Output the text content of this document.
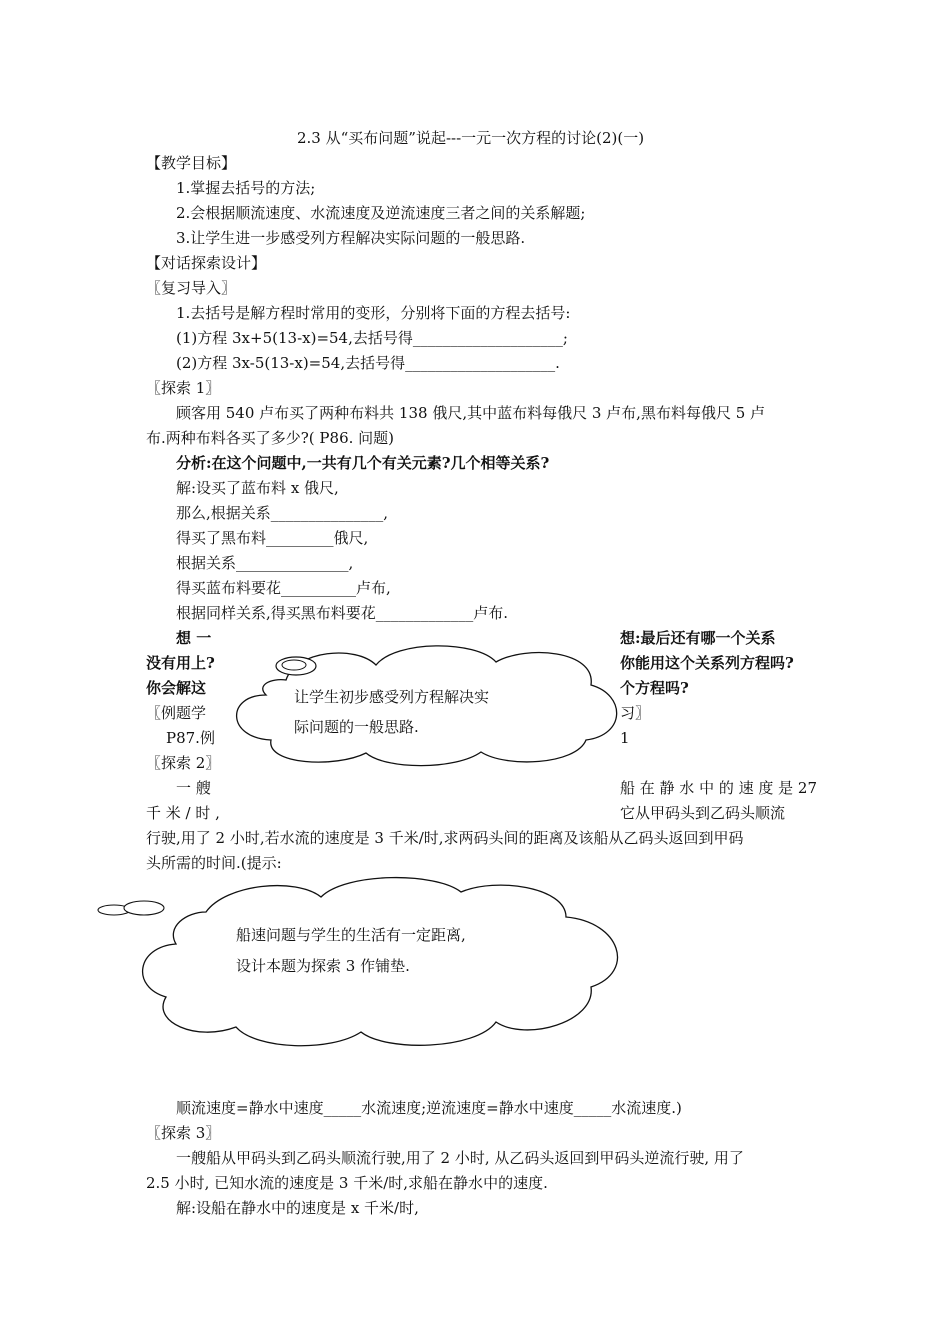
2.3 从“买布问题”说起---一元一次方程的讨论(2)(一)
【教学目标】
1.掌握去括号的方法;
2.会根据顺流速度、水流速度及逆流速度三者之间的关系解题;
3.让学生进一步感受列方程解决实际问题的一般思路.
【对话探索设计】
〖复习导入〗
1.去括号是解方程时常用的变形，分别将下面的方程去括号:
(1)方程 3x+5(13-x)=54,去括号得____________________;
(2)方程 3x-5(13-x)=54,去括号得____________________.
〖探索 1〗
顾客用 540 卢布买了两种布料共 138 俄尺,其中蓝布料每俄尺 3 卢布,黑布料每俄尺 5 卢
布.两种布料各买了多少?( P86. 问题)
分析:在这个问题中,一共有几个有关元素?几个相等关系?
解:设买了蓝布料 x 俄尺,
那么,根据关系_______________,
得买了黑布料_________俄尺,
根据关系_______________,
得买蓝布料要花__________卢布,
根据同样关系,得买黑布料要花_____________卢布.
想 一
没有用上?
你会解这
想:最后还有哪一个关系
你能用这个关系列方程吗?
个方程吗?
〖例题学
P87.例
习〗
1
〖探索 2〗
一 艘
千 米 / 时 ,
船 在 静 水 中 的 速 度 是 27
它从甲码头到乙码头顺流
行驶,用了 2 小时,若水流的速度是 3 千米/时,求两码头间的距离及该船从乙码头返回到甲码
头所需的时间.(提示:
让学生初步感受列方程解决实
际问题的一般思路.
船速问题与学生的生活有一定距离,
设计本题为探索 3 作铺垫.
顺流速度=静水中速度_____水流速度;逆流速度=静水中速度_____水流速度.)
〖探索 3〗
一艘船从甲码头到乙码头顺流行驶,用了 2 小时, 从乙码头返回到甲码头逆流行驶, 用了
2.5 小时, 已知水流的速度是 3 千米/时,求船在静水中的速度.
解:设船在静水中的速度是 x 千米/时,
